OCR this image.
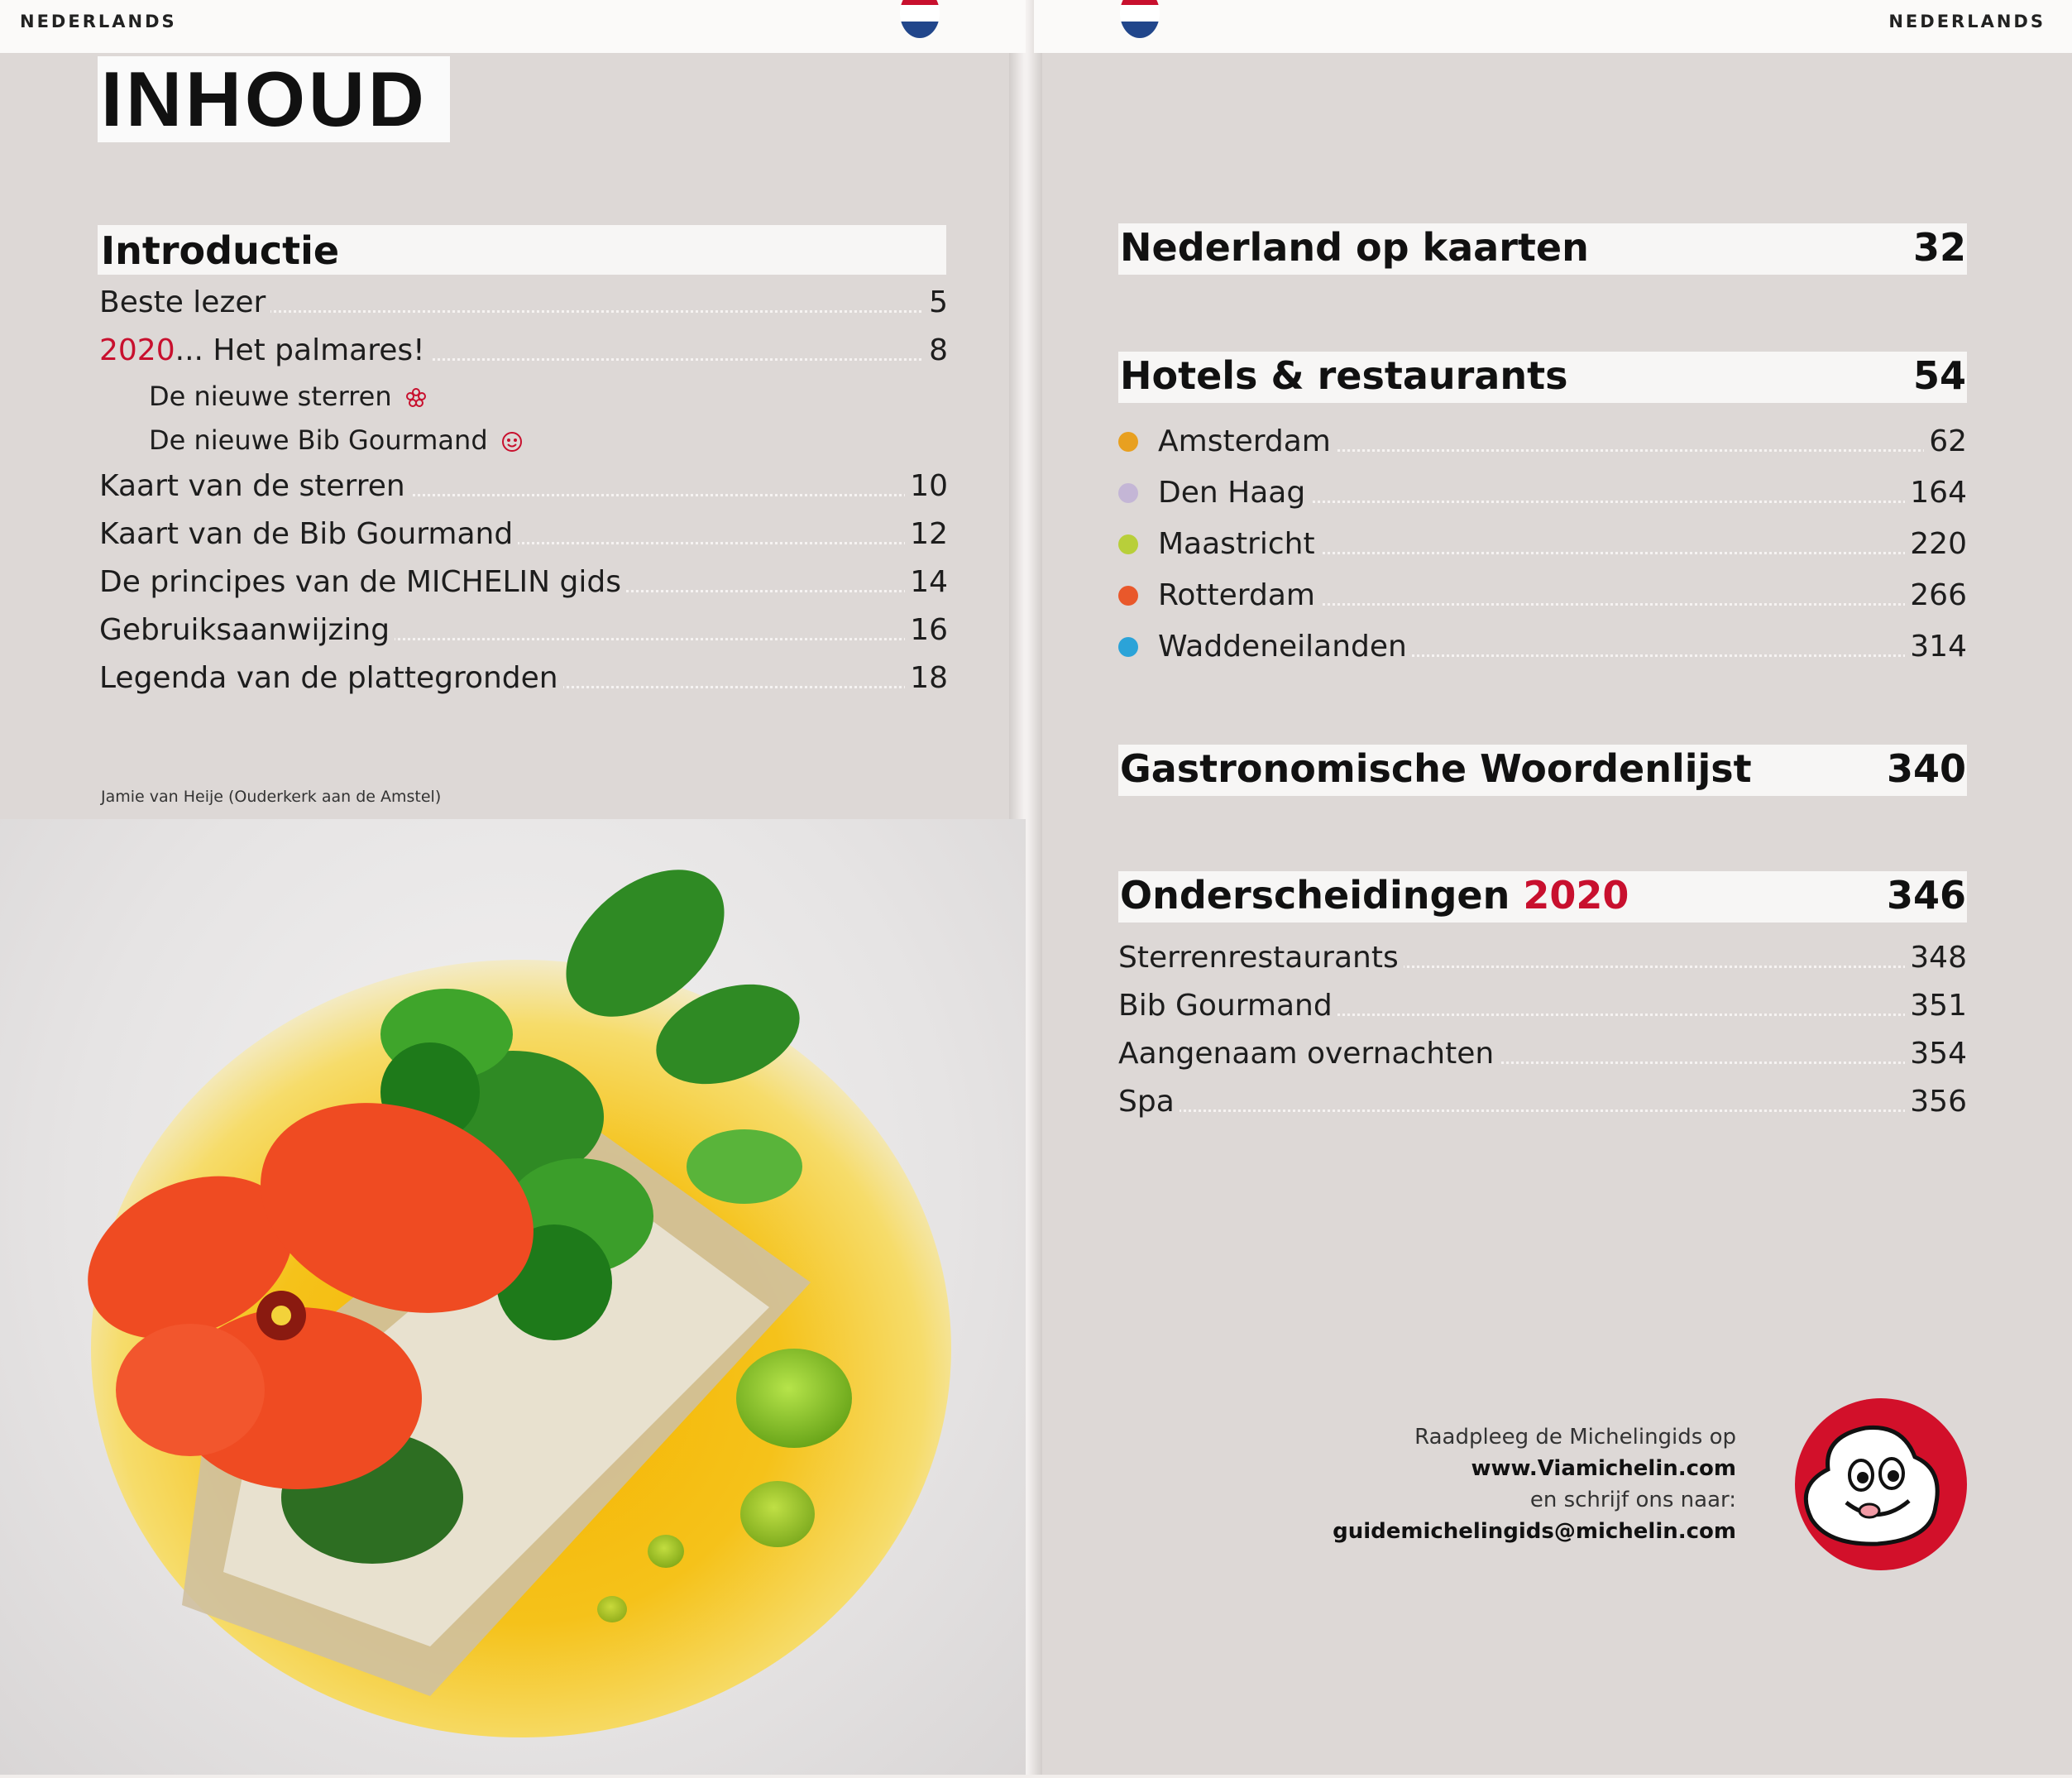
NEDERLANDS	NEDERLANDS
INHOUD
Introductie
Beste lezer	5
2020... Het palmares!	8
De nieuwe sterren
De nieuwe Bib Gourmand
Kaart van de sterren	10
Kaart van de Bib Gourmand	12
De principes van de MICHELIN gids	14
Gebruiksaanwijzing	16
Legenda van de plattegronden	18
Jamie van Heije (Ouderkerk aan de Amstel)
Nederland op kaarten	32
Hotels & restaurants	54
Amsterdam	62
Den Haag	164
Maastricht	220
Rotterdam	266
Waddeneilanden	314
Gastronomische Woordenlijst	340
Onderscheidingen 2020	346
Sterrenrestaurants	348
Bib Gourmand	351
Aangenaam overnachten	354
Spa	356
Raadpleeg de Michelingids op
www.Viamichelin.com
en schrijf ons naar:
guidemichelingids@michelin.com
